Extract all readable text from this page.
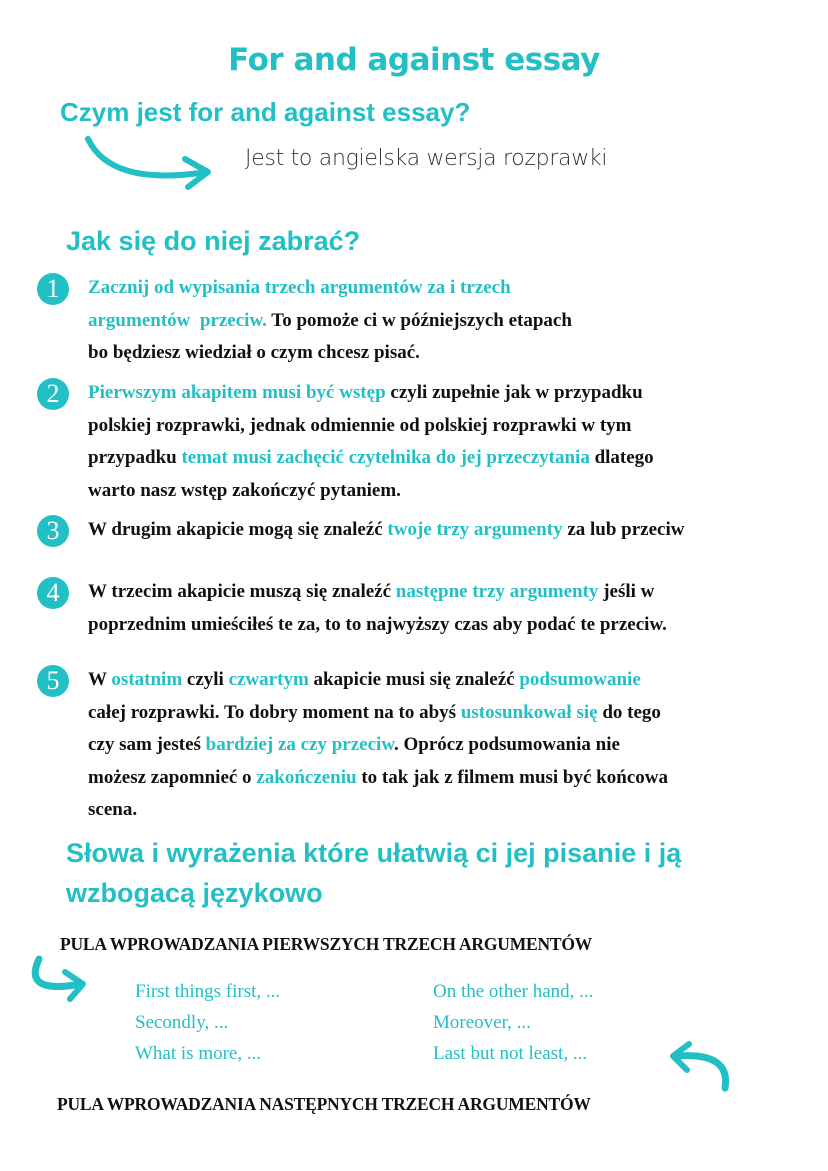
For and against essay
Czym jest for and against essay?
Jest to angielska wersja rozprawki
Jak się do niej zabrać?
1	Zacznij od wypisania trzech argumentów za i trzech
argumentów  przeciw. To pomoże ci w późniejszych etapach
bo będziesz wiedział o czym chcesz pisać.
2	Pierwszym akapitem musi być wstęp czyli zupełnie jak w przypadku
polskiej rozprawki, jednak odmiennie od polskiej rozprawki w tym
przypadku temat musi zachęcić czytelnika do jej przeczytania dlatego
warto nasz wstęp zakończyć pytaniem.
3	W drugim akapicie mogą się znaleźć twoje trzy argumenty za lub przeciw
4	W trzecim akapicie muszą się znaleźć następne trzy argumenty jeśli w
poprzednim umieściłeś te za, to to najwyższy czas aby podać te przeciw.
5	W ostatnim czyli czwartym akapicie musi się znaleźć podsumowanie
całej rozprawki. To dobry moment na to abyś ustosunkował się do tego
czy sam jesteś bardziej za czy przeciw. Oprócz podsumowania nie
możesz zapomnieć o zakończeniu to tak jak z filmem musi być końcowa
scena.
Słowa i wyrażenia które ułatwią ci jej pisanie i ją
wzbogacą językowo
PULA WPROWADZANIA PIERWSZYCH TRZECH ARGUMENTÓW
First things first, ...
Secondly, ...
What is more, ...
On the other hand, ...
Moreover, ...
Last but not least, ...
PULA WPROWADZANIA NASTĘPNYCH TRZECH ARGUMENTÓW
